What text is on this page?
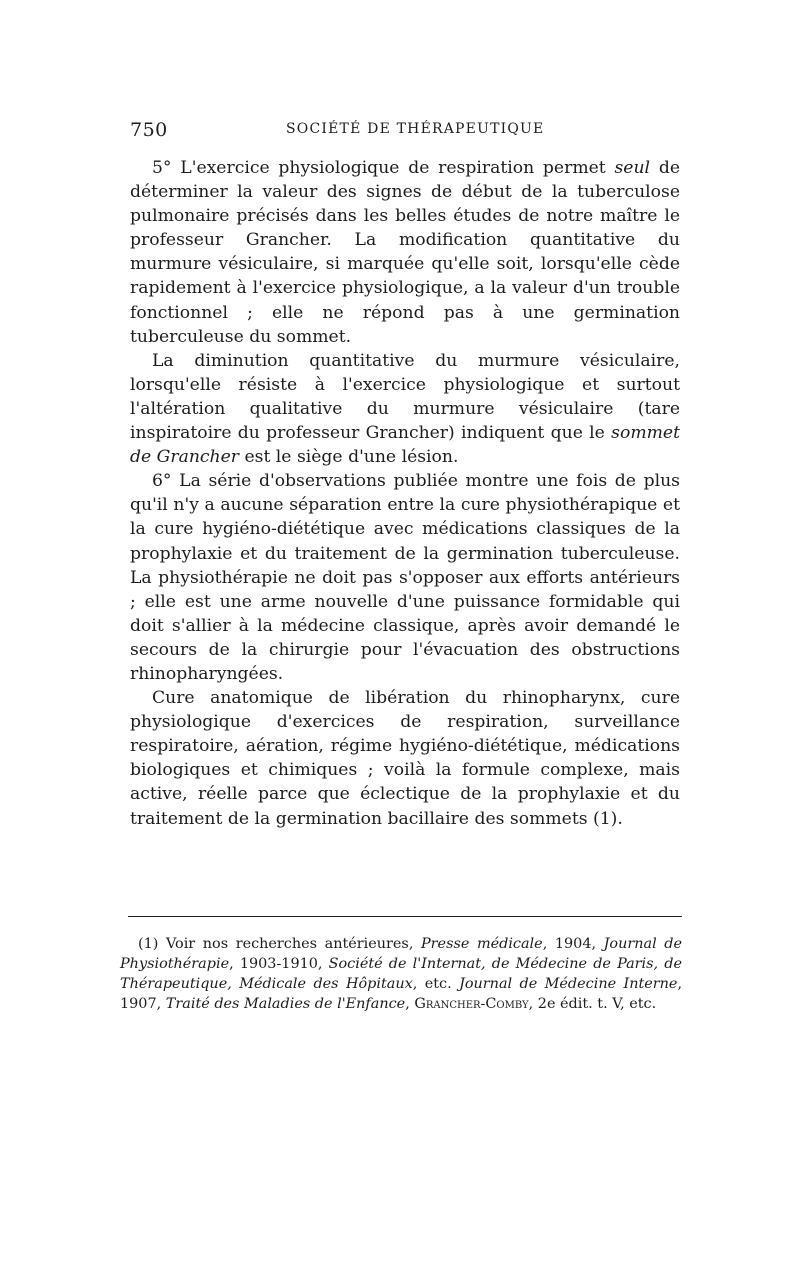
750	SOCIÉTÉ DE THÉRAPEUTIQUE

5° L'exercice physiologique de respiration permet seul de déterminer la valeur des signes de début de la tuberculose pulmonaire précisés dans les belles études de notre maître le professeur Grancher. La modification quantitative du murmure vésiculaire, si marquée qu'elle soit, lorsqu'elle cède rapidement à l'exercice physiologique, a la valeur d'un trouble fonctionnel ; elle ne répond pas à une germination tuberculeuse du sommet.

La diminution quantitative du murmure vésiculaire, lorsqu'elle résiste à l'exercice physiologique et surtout l'altération qualitative du murmure vésiculaire (tare inspiratoire du professeur Grancher) indiquent que le sommet de Grancher est le siège d'une lésion.

6° La série d'observations publiée montre une fois de plus qu'il n'y a aucune séparation entre la cure physiothérapique et la cure hygiéno-diététique avec médications classiques de la prophylaxie et du traitement de la germination tuberculeuse. La physiothérapie ne doit pas s'opposer aux efforts antérieurs ; elle est une arme nouvelle d'une puissance formidable qui doit s'allier à la médecine classique, après avoir demandé le secours de la chirurgie pour l'évacuation des obstructions rhinopharyngées.

Cure anatomique de libération du rhinopharynx, cure physiologique d'exercices de respiration, surveillance respiratoire, aération, régime hygiéno-diététique, médications biologiques et chimiques ; voilà la formule complexe, mais active, réelle parce que éclectique de la prophylaxie et du traitement de la germination bacillaire des sommets (1).

(1) Voir nos recherches antérieures, Presse médicale, 1904, Journal de Physiothérapie, 1903-1910, Société de l'Internat, de Médecine de Paris, de Thérapeutique, Médicale des Hôpitaux, etc. Journal de Médecine Interne, 1907, Traité des Maladies de l'Enfance, Grancher-Comby, 2e édit. t. V, etc.
